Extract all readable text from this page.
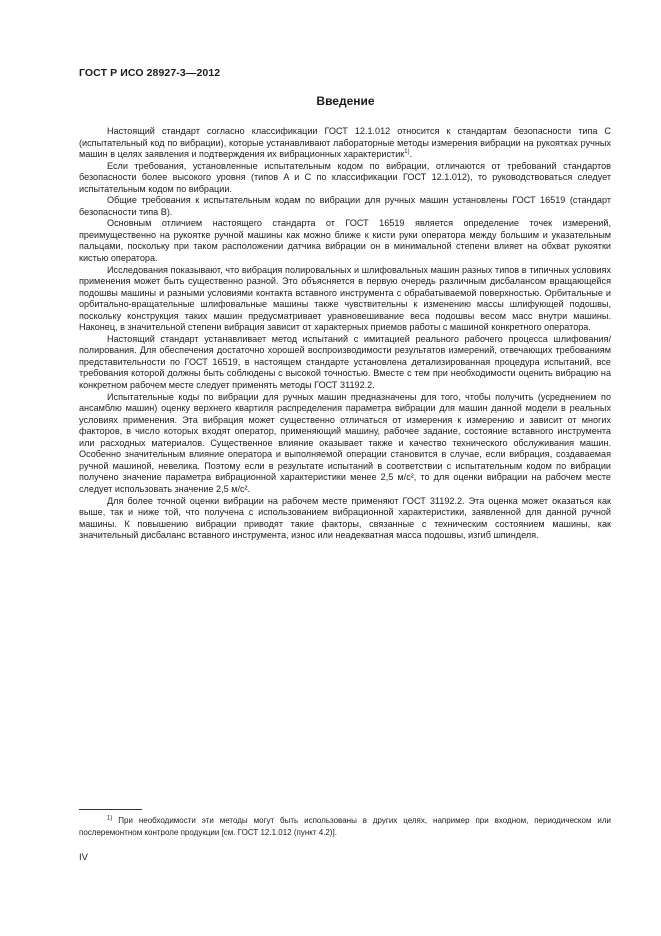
ГОСТ Р ИСО 28927-3—2012
Введение

Настоящий стандарт согласно классификации ГОСТ 12.1.012 относится к стандартам безопасности типа C (испытательный код по вибрации), которые устанавливают лабораторные методы измерения вибрации на рукоятках ручных машин в целях заявления и подтверждения их вибрационных характеристик$^{1)}$.

Если требования, установленные испытательным кодом по вибрации, отличаются от требований стандартов безопасности более высокого уровня (типов A и C по классификации ГОСТ 12.1.012), то руководствоваться следует испытательным кодом по вибрации.

Общие требования к испытательным кодам по вибрации для ручных машин установлены ГОСТ 16519 (стандарт безопасности типа B).

Основным отличием настоящего стандарта от ГОСТ 16519 является определение точек измерений, преимущественно на рукоятке ручной машины как можно ближе к кисти руки оператора между большим и указательным пальцами, поскольку при таком расположении датчика вибрации он в минимальной степени влияет на обхват рукоятки кистью оператора.

Исследования показывают, что вибрация полировальных и шлифовальных машин разных типов в типичных условиях применения может быть существенно разной. Это объясняется в первую очередь различным дисбалансом вращающейся подошвы машины и разными условиями контакта вставного инструмента с обрабатываемой поверхностью. Орбитальные и орбитально-вращательные шлифовальные машины также чувствительны к изменению массы шлифующей подошвы, поскольку конструкция таких машин предусматривает уравновешивание веса подошвы весом масс внутри машины. Наконец, в значительной степени вибрация зависит от характерных приемов работы с машиной конкретного оператора.

Настоящий стандарт устанавливает метод испытаний с имитацией реального рабочего процесса шлифования/полирования. Для обеспечения достаточно хорошей воспроизводимости результатов измерений, отвечающих требованиям представительности по ГОСТ 16519, в настоящем стандарте установлена детализированная процедура испытаний, все требования которой должны быть соблюдены с высокой точностью. Вместе с тем при необходимости оценить вибрацию на конкретном рабочем месте следует применять методы ГОСТ 31192.2.

Испытательные коды по вибрации для ручных машин предназначены для того, чтобы получить (усреднением по ансамблю машин) оценку верхнего квартиля распределения параметра вибрации для машин данной модели в реальных условиях применения. Эта вибрация может существенно отличаться от измерения к измерению и зависит от многих факторов, в число которых входят оператор, применяющий машину, рабочее задание, состояние вставного инструмента или расходных материалов. Существенное влияние оказывает также и качество технического обслуживания машин. Особенно значительным влияние оператора и выполняемой операции становится в случае, если вибрация, создаваемая ручной машиной, невелика. Поэтому если в результате испытаний в соответствии с испытательным кодом по вибрации получено значение параметра вибрационной характеристики менее 2,5 м/с², то для оценки вибрации на рабочем месте следует использовать значение 2,5 м/с².

Для более точной оценки вибрации на рабочем месте применяют ГОСТ 31192.2. Эта оценка может оказаться как выше, так и ниже той, что получена с использованием вибрационной характеристики, заявленной для данной ручной машины. К повышению вибрации приводят такие факторы, связанные с техническим состоянием машины, как значительный дисбаланс вставного инструмента, износ или неадекватная масса подошвы, изгиб шпинделя.

$^{1)}$ При необходимости эти методы могут быть использованы в других целях, например при входном, периодическом или послеремонтном контроле продукции [см. ГОСТ 12.1.012 (пункт 4.2)].
IV
